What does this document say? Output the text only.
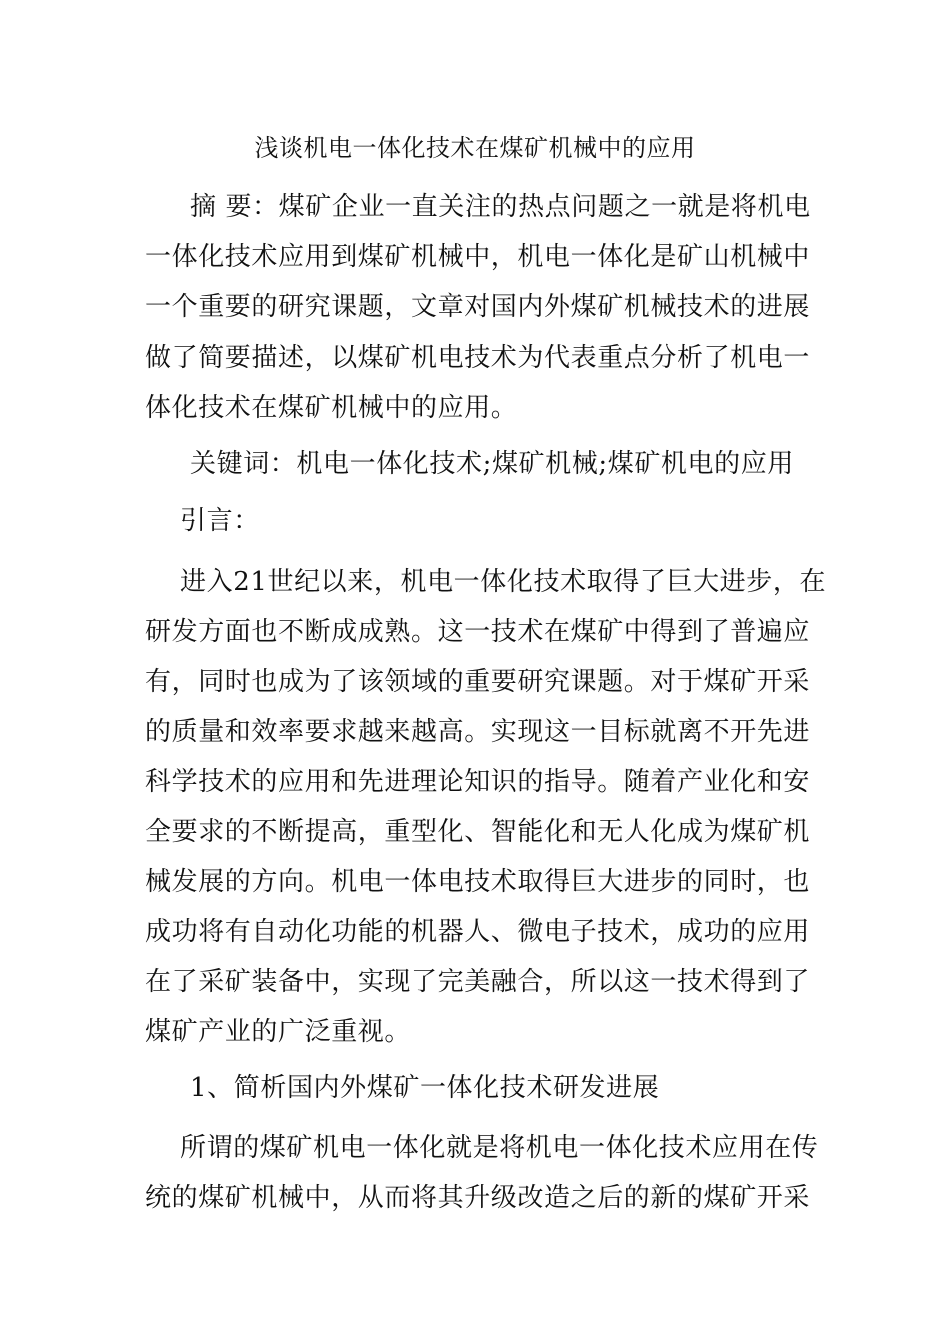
浅谈机电一体化技术在煤矿机械中的应用
摘 要：煤矿企业一直关注的热点问题之一就是将机电
一体化技术应用到煤矿机械中，机电一体化是矿山机械中
一个重要的研究课题，文章对国内外煤矿机械技术的进展
做了简要描述，以煤矿机电技术为代表重点分析了机电一
体化技术在煤矿机械中的应用。
关键词：机电一体化技术;煤矿机械;煤矿机电的应用
引言：
进入21世纪以来，机电一体化技术取得了巨大进步，在
研发方面也不断成成熟。这一技术在煤矿中得到了普遍应
有，同时也成为了该领域的重要研究课题。对于煤矿开采
的质量和效率要求越来越高。实现这一目标就离不开先进
科学技术的应用和先进理论知识的指导。随着产业化和安
全要求的不断提高，重型化、智能化和无人化成为煤矿机
械发展的方向。机电一体电技术取得巨大进步的同时，也
成功将有自动化功能的机器人、微电子技术，成功的应用
在了采矿装备中，实现了完美融合，所以这一技术得到了
煤矿产业的广泛重视。
1、简析国内外煤矿一体化技术研发进展
所谓的煤矿机电一体化就是将机电一体化技术应用在传
统的煤矿机械中，从而将其升级改造之后的新的煤矿开采
